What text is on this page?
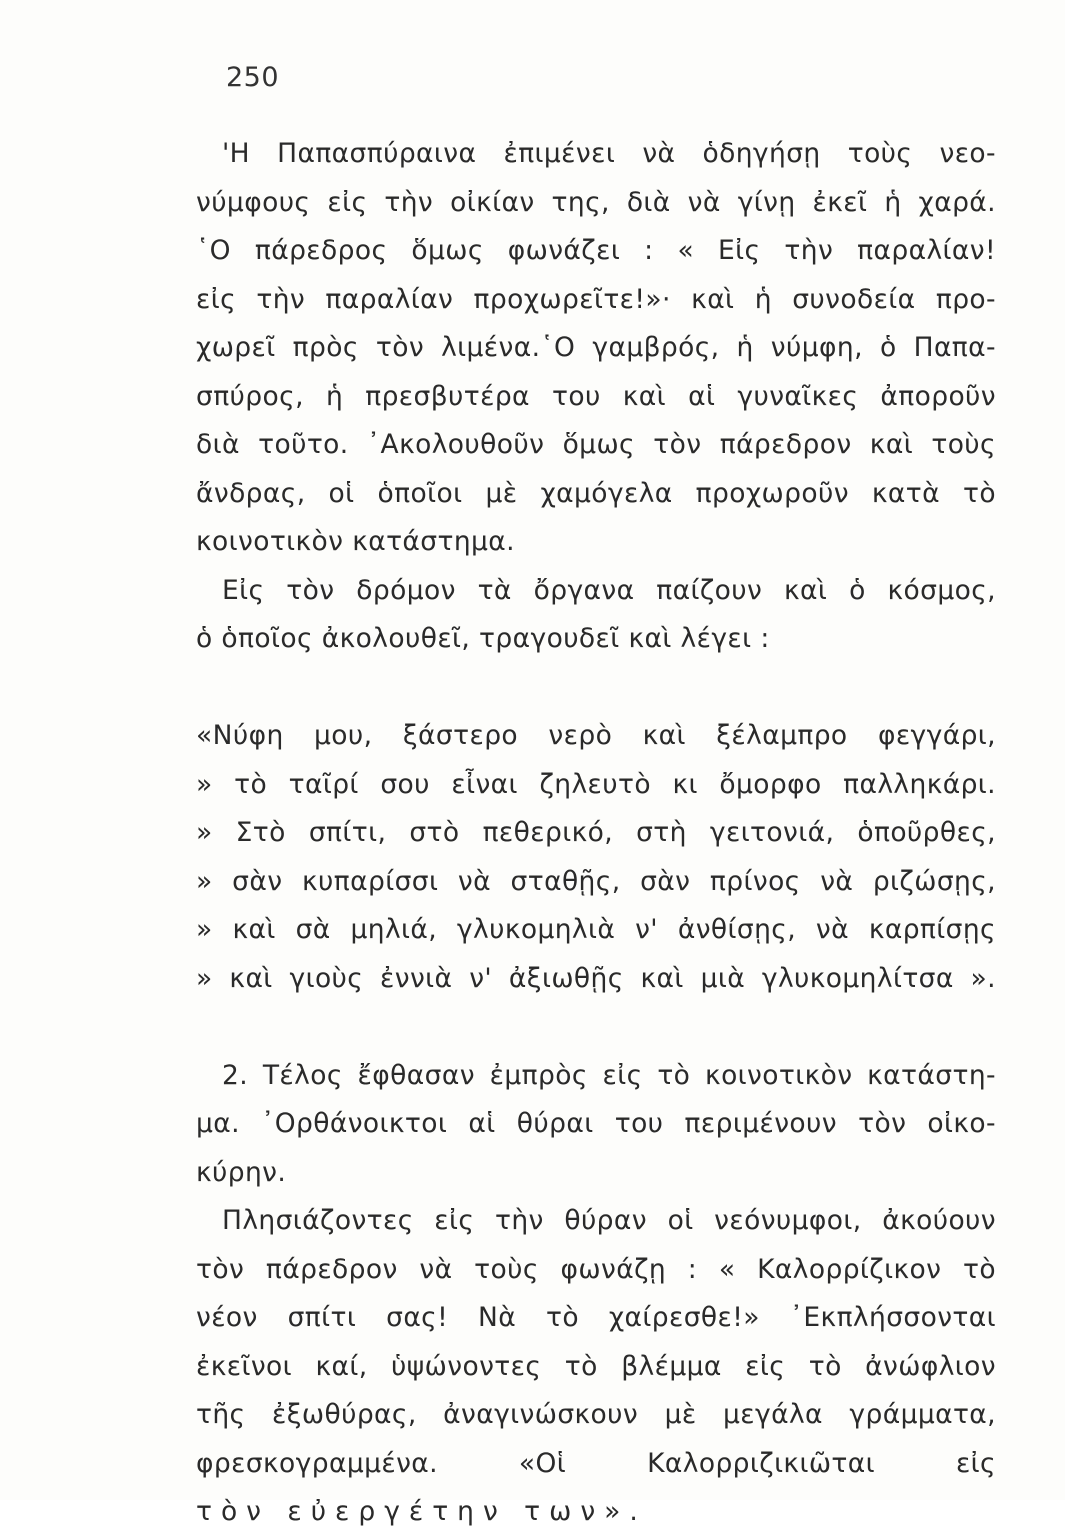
250
'Η Παπασπύραινα ἐπιμένει νὰ ὁδηγήσῃ τοὺς νεο-
νύμφους εἰς τὴν οἰκίαν της, διὰ νὰ γίνῃ ἐκεῖ ἡ χαρά.
῾Ο πάρεδρος ὅμως φωνάζει : « Εἰς τὴν παραλίαν!
εἰς τὴν παραλίαν προχωρεῖτε!»· καὶ ἡ συνοδεία προ-
χωρεῖ πρὸς τὸν λιμένα.῾Ο γαμβρός, ἡ νύμφη, ὁ Παπα-
σπύρος, ἡ πρεσβυτέρα του καὶ αἱ γυναῖκες ἀποροῦν
διὰ τοῦτο. ᾿Ακολουθοῦν ὅμως τὸν πάρεδρον καὶ τοὺς
ἄνδρας, οἱ ὁποῖοι μὲ χαμόγελα προχωροῦν κατὰ τὸ
κοινοτικὸν κατάστημα.
Εἰς τὸν δρόμον τὰ ὄργανα παίζουν καὶ ὁ κόσμος,
ὁ ὁποῖος ἀκολουθεῖ, τραγουδεῖ καὶ λέγει :
«Νύφη μου, ξάστερο νερὸ καὶ ξέλαμπρο φεγγάρι,
» τὸ ταῖρί σου εἶναι ζηλευτὸ κι ὄμορφο παλληκάρι.
» Στὸ σπίτι, στὸ πεθερικό, στὴ γειτονιά, ὁποῦρθες,
» σὰν κυπαρίσσι νὰ σταθῇς, σὰν πρίνος νὰ ριζώσῃς,
» καὶ σὰ μηλιά, γλυκομηλιὰ ν' ἀνθίσῃς, νὰ καρπίσῃς
» καὶ γιοὺς ἐννιὰ ν' ἀξιωθῇς καὶ μιὰ γλυκομηλίτσα ».
2. Τέλος ἔφθασαν ἐμπρὸς εἰς τὸ κοινοτικὸν κατάστη-
μα. ᾿Ορθάνοικτοι αἱ θύραι του περιμένουν τὸν οἰκο-
κύρην.
Πλησιάζοντες εἰς τὴν θύραν οἱ νεόνυμφοι, ἀκούουν
τὸν πάρεδρον νὰ τοὺς φωνάζῃ : « Καλορρίζικον τὸ
νέον σπίτι σας! Νὰ τὸ χαίρεσθε!» ᾿Εκπλήσσονται
ἐκεῖνοι καί, ὑψώνοντες τὸ βλέμμα εἰς τὸ ἀνώφλιον
τῆς ἐξωθύρας, ἀναγινώσκουν μὲ μεγάλα γράμματα,
φρεσκογραμμένα. «Οἱ Καλορριζικιῶται εἰς
τὸν εὐεργέτην των».
